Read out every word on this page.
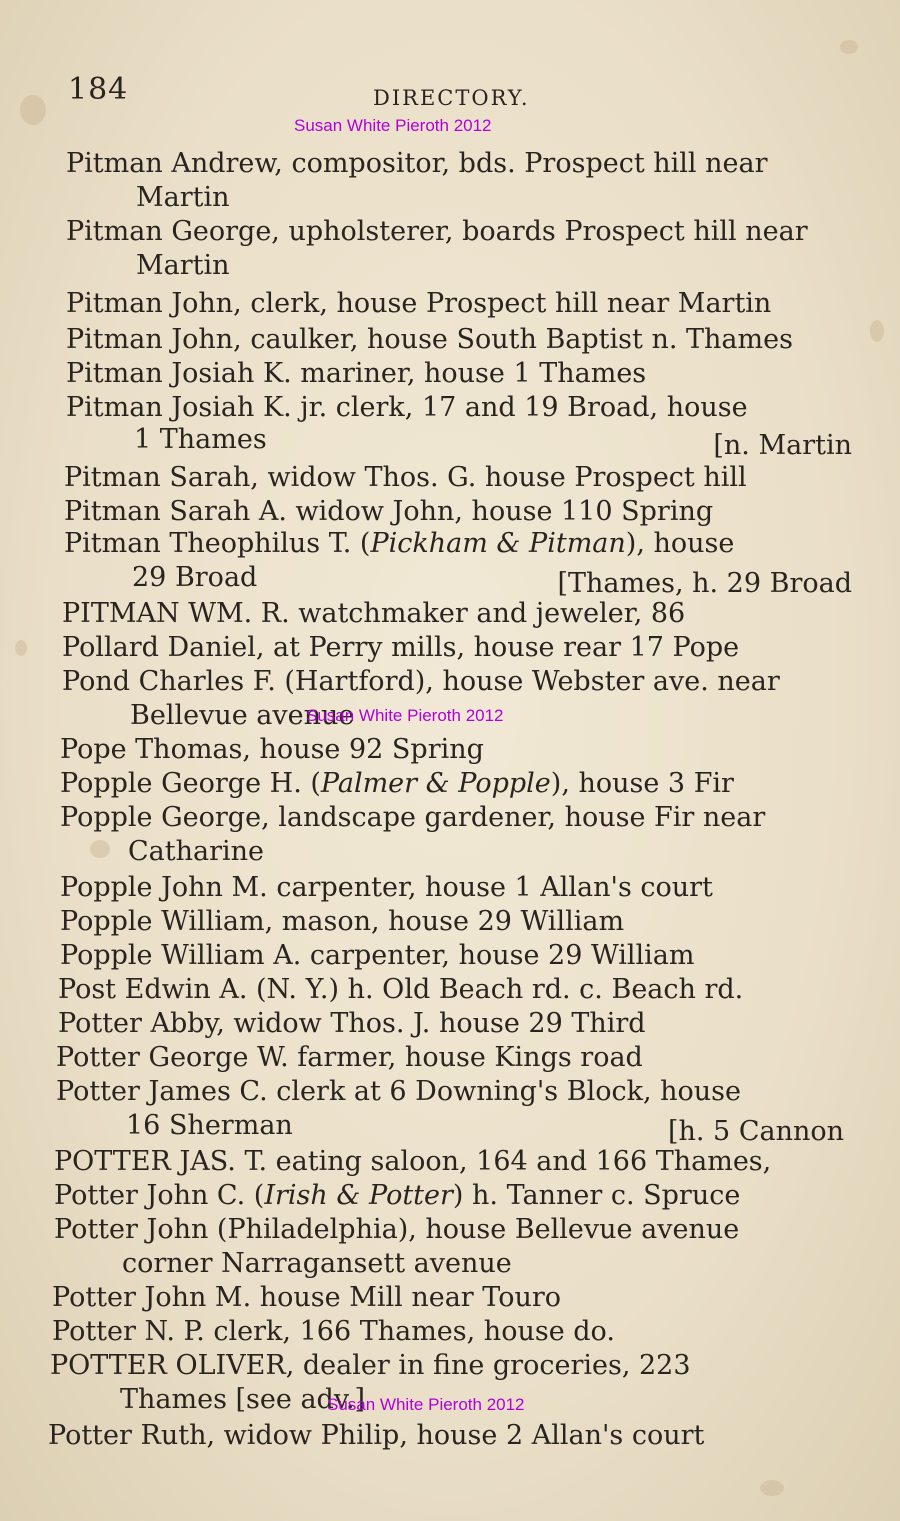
184	DIRECTORY.
Susan White Pieroth 2012
Pitman Andrew, compositor, bds. Prospect hill near
Martin
Pitman George, upholsterer, boards Prospect hill near
Martin
Pitman John, clerk, house Prospect hill near Martin
Pitman John, caulker, house South Baptist n. Thames
Pitman Josiah K. mariner, house 1 Thames
Pitman Josiah K. jr. clerk, 17 and 19 Broad, house
1 Thames	[n. Martin
Pitman Sarah, widow Thos. G. house Prospect hill
Pitman Sarah A. widow John, house 110 Spring
Pitman Theophilus T. (Pickham & Pitman), house
29 Broad	[Thames, h. 29 Broad
PITMAN WM. R. watchmaker and jeweler, 86
Pollard Daniel, at Perry mills, house rear 17 Pope
Pond Charles F. (Hartford), house Webster ave. near
Bellevue avenue
Susan White Pieroth 2012
Pope Thomas, house 92 Spring
Popple George H. (Palmer & Popple), house 3 Fir
Popple George, landscape gardener, house Fir near
Catharine
Popple John M. carpenter, house 1 Allan's court
Popple William, mason, house 29 William
Popple William A. carpenter, house 29 William
Post Edwin A. (N. Y.) h. Old Beach rd. c. Beach rd.
Potter Abby, widow Thos. J. house 29 Third
Potter George W. farmer, house Kings road
Potter James C. clerk at 6 Downing's Block, house
16 Sherman	[h. 5 Cannon
POTTER JAS. T. eating saloon, 164 and 166 Thames,
Potter John C. (Irish & Potter) h. Tanner c. Spruce
Potter John (Philadelphia), house Bellevue avenue
corner Narragansett avenue
Potter John M. house Mill near Touro
Potter N. P. clerk, 166 Thames, house do.
POTTER OLIVER, dealer in fine groceries, 223
Thames [see adv.]
Susan White Pieroth 2012
Potter Ruth, widow Philip, house 2 Allan's court
